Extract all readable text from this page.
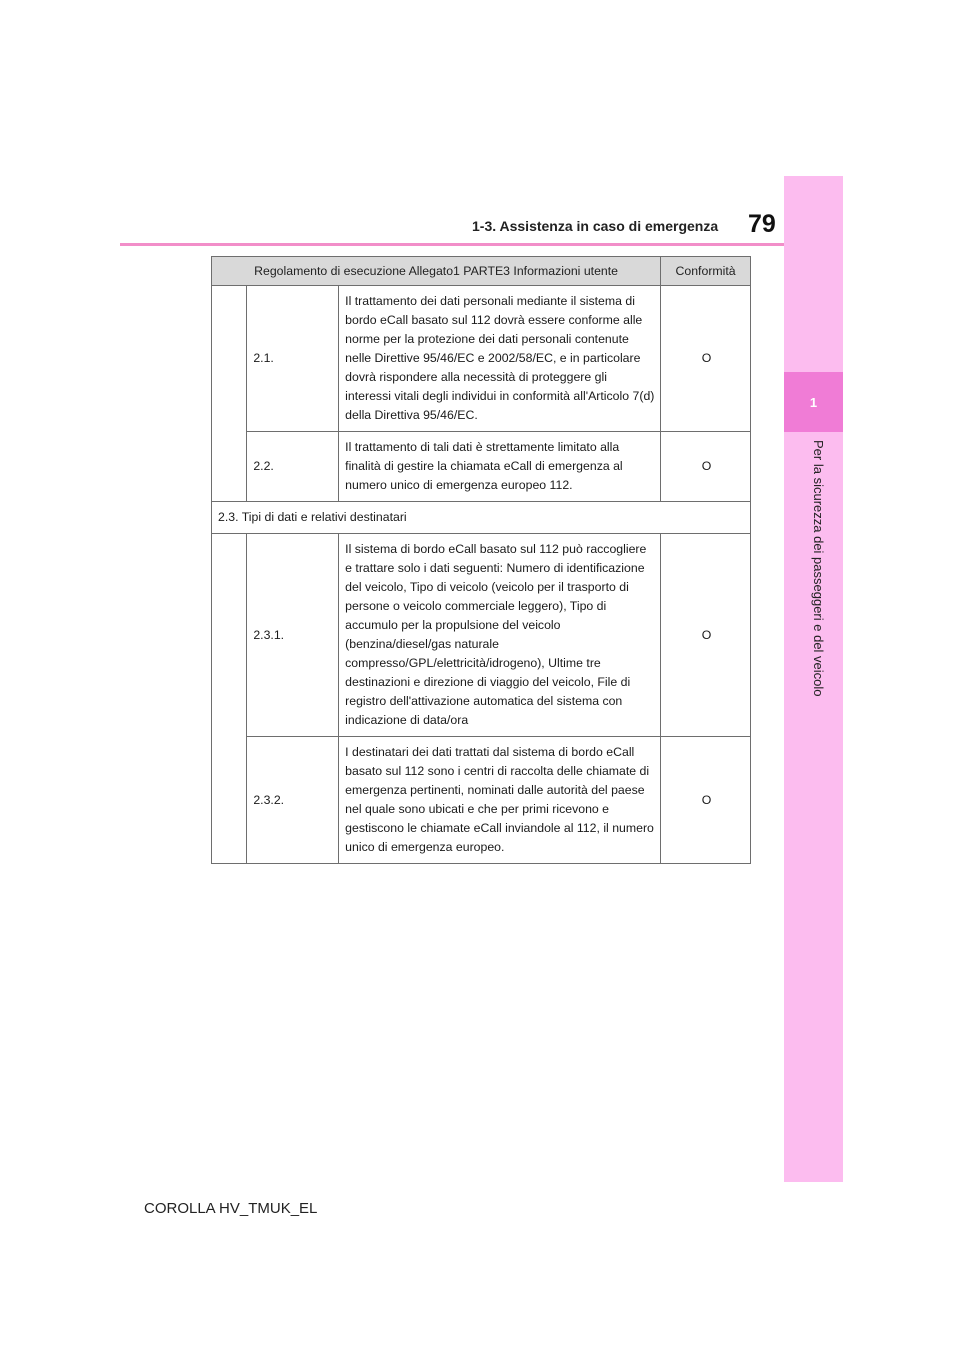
1-3. Assistenza in caso di emergenza 79
1
Per la sicurezza dei passeggeri e del veicolo
Regolamento di esecuzione Allegato1 PARTE3 Informazioni utente			Conformità
	2.1.	Il trattamento dei dati personali mediante il sistema di bordo eCall basato sul 112 dovrà essere conforme alle norme per la protezione dei dati personali contenute nelle Direttive 95/46/EC e 2002/58/EC, e in particolare dovrà rispondere alla necessità di proteggere gli interessi vitali degli individui in conformità all'Articolo 7(d) della Direttiva 95/46/EC.	O
	2.2.	Il trattamento di tali dati è strettamente limitato alla finalità di gestire la chiamata eCall di emergenza al numero unico di emergenza europeo 112.	O
2.3. Tipi di dati e relativi destinatari			
	2.3.1.	Il sistema di bordo eCall basato sul 112 può raccogliere e trattare solo i dati seguenti: Numero di identificazione del veicolo, Tipo di veicolo (veicolo per il trasporto di persone o veicolo commerciale leggero), Tipo di accumulo per la propulsione del veicolo (benzina/diesel/gas naturale compresso/GPL/elettricità/idrogeno), Ultime tre destinazioni e direzione di viaggio del veicolo, File di registro dell'attivazione automatica del sistema con indicazione di data/ora	O
	2.3.2.	I destinatari dei dati trattati dal sistema di bordo eCall basato sul 112 sono i centri di raccolta delle chiamate di emergenza pertinenti, nominati dalle autorità del paese nel quale sono ubicati e che per primi ricevono e gestiscono le chiamate eCall inviandole al 112, il numero unico di emergenza europeo.	O
COROLLA HV_TMUK_EL
